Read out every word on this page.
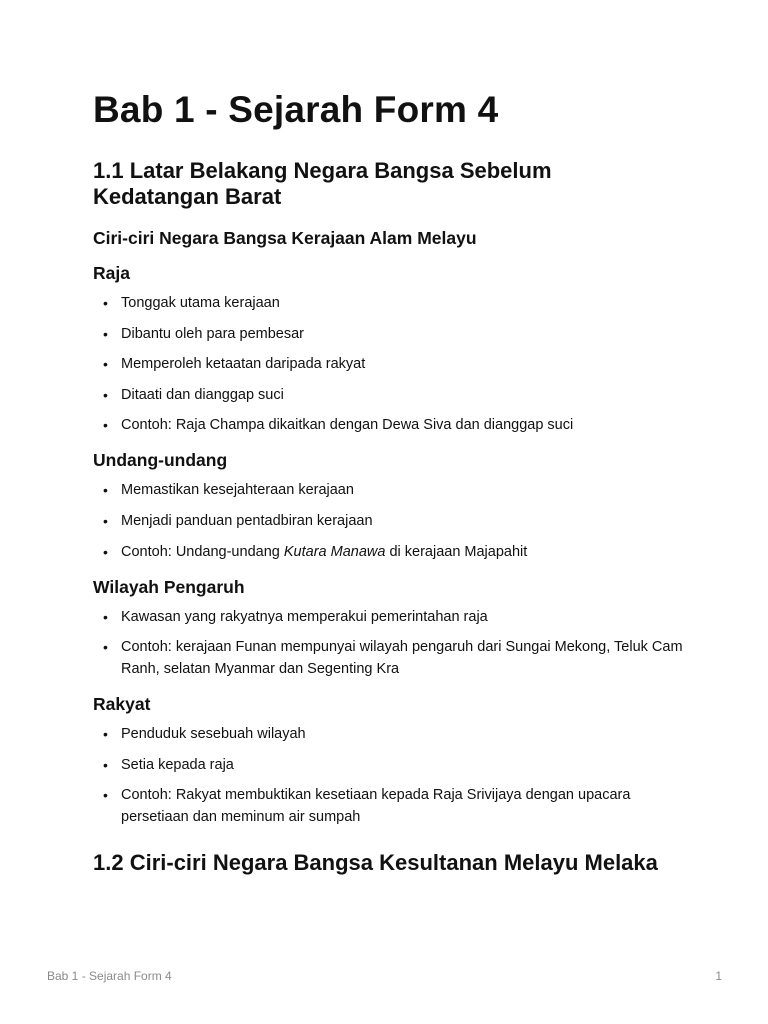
Bab 1 - Sejarah Form 4
1.1 Latar Belakang Negara Bangsa Sebelum Kedatangan Barat
Ciri-ciri Negara Bangsa Kerajaan Alam Melayu
Raja
• Tonggak utama kerajaan
• Dibantu oleh para pembesar
• Memperoleh ketaatan daripada rakyat
• Ditaati dan dianggap suci
• Contoh: Raja Champa dikaitkan dengan Dewa Siva dan dianggap suci
Undang-undang
• Memastikan kesejahteraan kerajaan
• Menjadi panduan pentadbiran kerajaan
• Contoh: Undang-undang Kutara Manawa di kerajaan Majapahit
Wilayah Pengaruh
• Kawasan yang rakyatnya memperakui pemerintahan raja
• Contoh: kerajaan Funan mempunyai wilayah pengaruh dari Sungai Mekong, Teluk Cam Ranh, selatan Myanmar dan Segenting Kra
Rakyat
• Penduduk sesebuah wilayah
• Setia kepada raja
• Contoh: Rakyat membuktikan kesetiaan kepada Raja Srivijaya dengan upacara persetiaan dan meminum air sumpah
1.2 Ciri-ciri Negara Bangsa Kesultanan Melayu Melaka
Bab 1 - Sejarah Form 4	1
